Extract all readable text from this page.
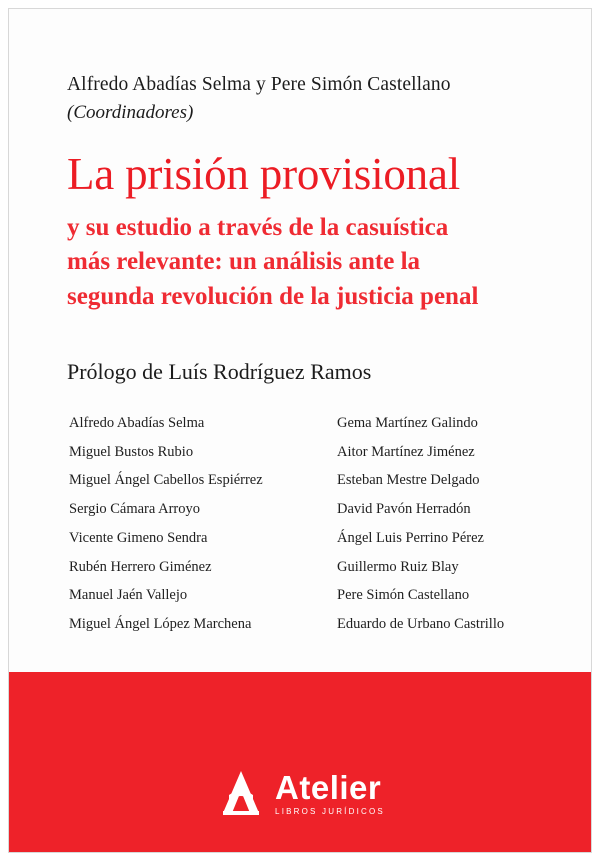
Alfredo Abadías Selma y Pere Simón Castellano
(Coordinadores)
La prisión provisional
y su estudio a través de la casuística más relevante: un análisis ante la segunda revolución de la justicia penal
Prólogo de Luís Rodríguez Ramos
Alfredo Abadías Selma
Miguel Bustos Rubio
Miguel Ángel Cabellos Espiérrez
Sergio Cámara Arroyo
Vicente Gimeno Sendra
Rubén Herrero Giménez
Manuel Jaén Vallejo
Miguel Ángel López Marchena
Gema Martínez Galindo
Aitor Martínez Jiménez
Esteban Mestre Delgado
David Pavón Herradón
Ángel Luis Perrino Pérez
Guillermo Ruiz Blay
Pere Simón Castellano
Eduardo de Urbano Castrillo
Atelier
LIBROS JURÍDICOS
